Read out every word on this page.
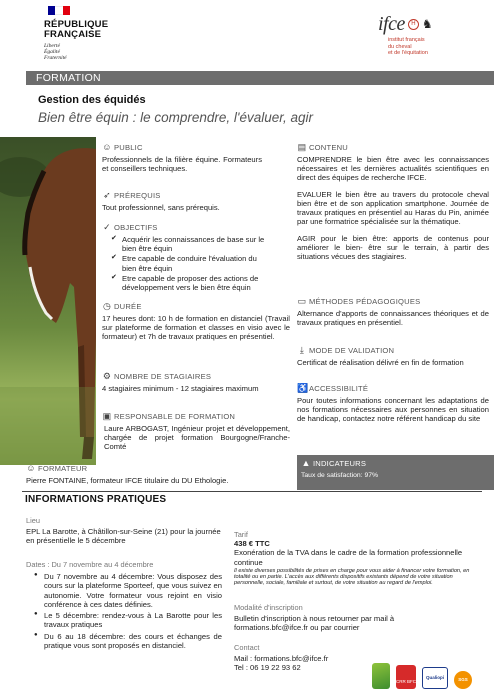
RÉPUBLIQUE
FRANÇAISE
Liberté
Égalité
Fraternité
ifce	H ♞
institut français
du cheval
et de l'équitation
FORMATION
Gestion des équidés
Bien être équin : le comprendre, l'évaluer, agir
☺ PUBLIC
Professionnels de la filière équine. Formateurs et conseillers techniques.
➶ PRÉREQUIS
Tout professionnel, sans prérequis.
✓ OBJECTIFS
✔ Acquérir les connaissances de base sur le bien être équin
✔ Etre capable de conduire l'évaluation du bien être équin
✔ Etre capable de proposer des actions de développement vers le bien être équin
◷ DURÉE
17 heures dont: 10 h de formation en distanciel (Travail sur plateforme de formation et classes en visio avec le formateur) et 7h de travaux pratiques en présentiel.
⚙ NOMBRE DE STAGIAIRES
4 stagiaires minimum - 12 stagiaires maximum
▣ RESPONSABLE DE FORMATION
Laure ARBOGAST, Ingénieur projet et développement, chargée de projet formation Bourgogne/Franche-Comté
☺ FORMATEUR
Pierre FONTAINE, formateur IFCE titulaire du DU Ethologie.
▤ CONTENU
COMPRENDRE le bien être avec les connaissances nécessaires et les dernières actualités scientifiques en direct des équipes de recherche IFCE.
EVALUER le bien être au travers du protocole cheval bien être et de son application smartphone. Journée de travaux pratiques en présentiel au Haras du Pin, animée par une formatrice spécialisée sur la thématique.
AGIR pour le bien être: apports de contenus pour améliorer le bien- être sur le terrain, à partir des situations vécues des stagiaires.
▭ MÉTHODES PÉDAGOGIQUES
Alternance d'apports de connaissances théoriques et de travaux pratiques en présentiel.
⤓ MODE DE VALIDATION
Certificat de réalisation délivré en fin de formation
♿ ACCESSIBILITÉ
Pour toutes informations concernant les adaptations de nos formations nécessaires aux personnes en situation de handicap, contactez notre référent handicap du site
▲ INDICATEURS
Taux de satisfaction: 97%
INFORMATIONS PRATIQUES
Lieu
EPL La Barotte, à Châtillon-sur-Seine (21) pour la journée en présentielle le 5 décembre
Dates : Du 7 novembre au 4 décembre
● Du 7 novembre au 4 décembre: Vous disposez des cours sur la plateforme Sporteef, que vous suivez en autonomie. Votre formateur vous rejoint en visio conférence à ces dates définies.
● Le 5 décembre: rendez-vous à La Barotte pour les travaux pratiques
● Du 6 au 18 décembre: des cours et échanges de pratique vous sont proposés en distanciel.
Tarif
438 € TTC
Exonération de la TVA dans le cadre de la formation professionnelle continue
Il existe diverses possibilités de prises en charge pour vous aider à financer votre formation, en totalité ou en partie. L'accès aux différents dispositifs existants dépend de votre situation personnelle, sociale, familiale et surtout, de votre situation au regard de l'emploi.
Modalité d'inscription
Bulletin d'inscription à nous retourner par mail à formations.bfc@ifce.fr ou par courrier
Contact
Mail : formations.bfc@ifce.fr
Tel : 06 19 22 93 62
CRR BFC
Qualiopi	SGS
